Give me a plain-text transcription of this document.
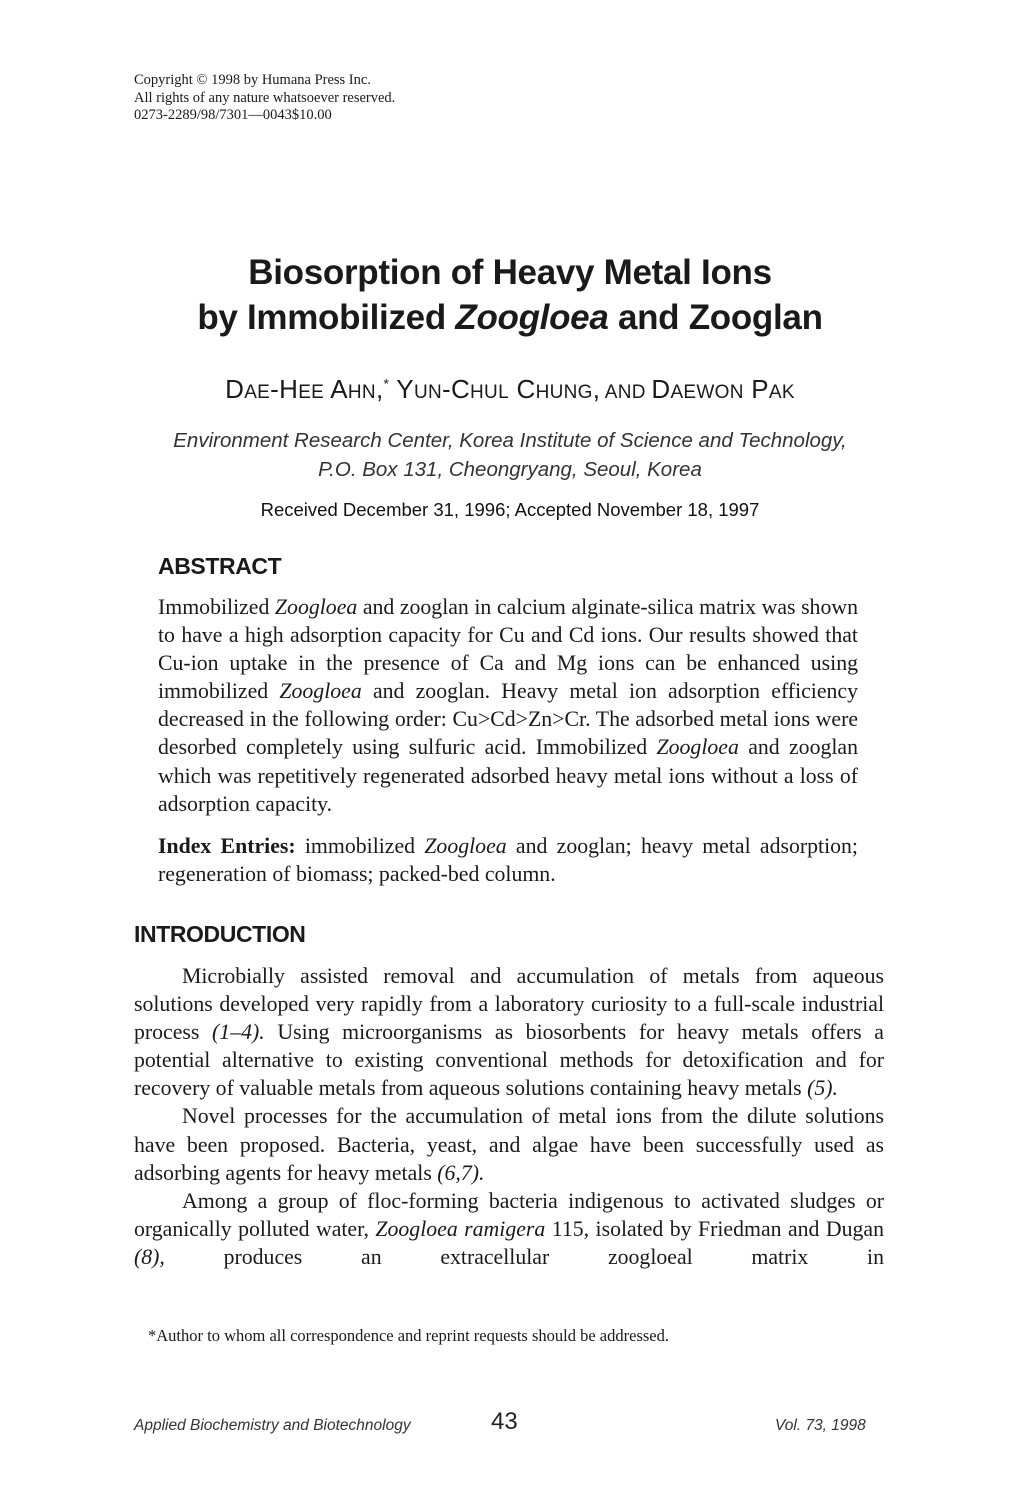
Copyright © 1998 by Humana Press Inc.
All rights of any nature whatsoever reserved.
0273-2289/98/7301—0043$10.00
Biosorption of Heavy Metal Ions
by Immobilized Zoogloea and Zooglan
DAE-HEE AHN,* YUN-CHUL CHUNG, AND DAEWON PAK
Environment Research Center, Korea Institute of Science and Technology,
P.O. Box 131, Cheongryang, Seoul, Korea
Received December 31, 1996; Accepted November 18, 1997
ABSTRACT
Immobilized Zoogloea and zooglan in calcium alginate-silica matrix was shown to have a high adsorption capacity for Cu and Cd ions. Our results showed that Cu-ion uptake in the presence of Ca and Mg ions can be enhanced using immobilized Zoogloea and zooglan. Heavy metal ion adsorption efficiency decreased in the following order: Cu>Cd>Zn>Cr. The adsorbed metal ions were desorbed completely using sulfuric acid. Immobilized Zoogloea and zooglan which was repetitively regenerated adsorbed heavy metal ions without a loss of adsorption capacity.
Index Entries: immobilized Zoogloea and zooglan; heavy metal adsorption; regeneration of biomass; packed-bed column.
INTRODUCTION

Microbially assisted removal and accumulation of metals from aqueous solutions developed very rapidly from a laboratory curiosity to a full-scale industrial process (1–4). Using microorganisms as biosorbents for heavy metals offers a potential alternative to existing conventional methods for detoxification and for recovery of valuable metals from aqueous solutions containing heavy metals (5).

Novel processes for the accumulation of metal ions from the dilute solutions have been proposed. Bacteria, yeast, and algae have been successfully used as adsorbing agents for heavy metals (6,7).

Among a group of floc-forming bacteria indigenous to activated sludges or organically polluted water, Zoogloea ramigera 115, isolated by Friedman and Dugan (8), produces an extracellular zoogloeal matrix in

*Author to whom all correspondence and reprint requests should be addressed.
Applied Biochemistry and Biotechnology	43	Vol. 73, 1998
